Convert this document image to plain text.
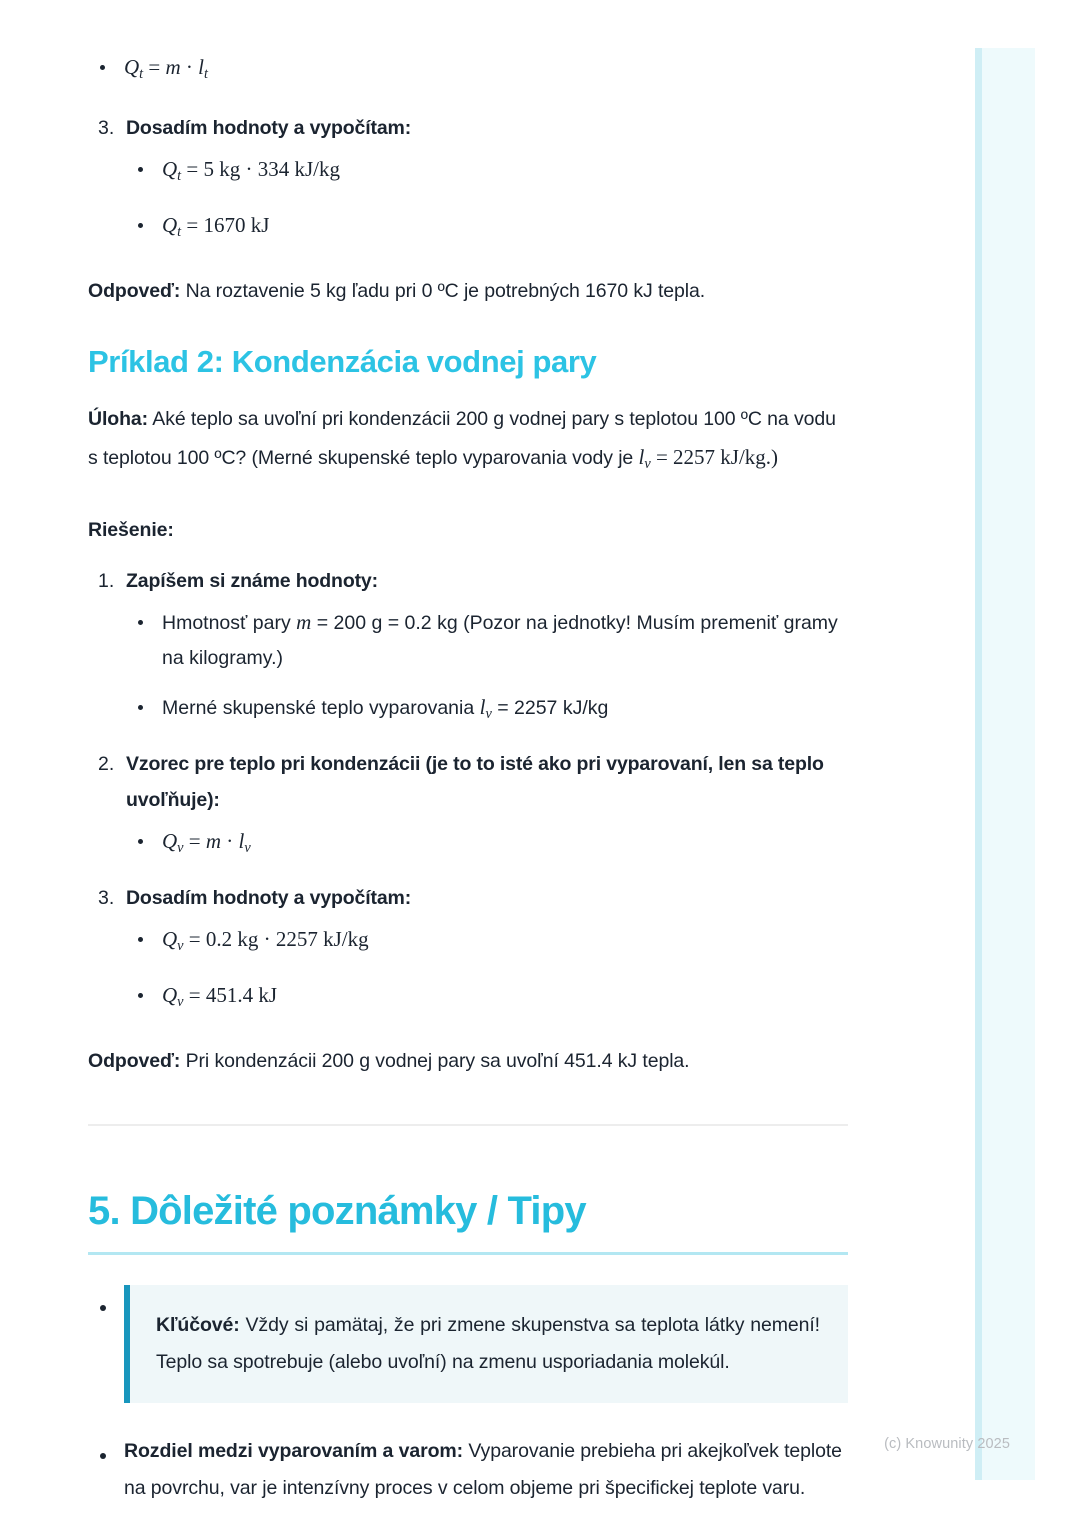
$Q_t = m \cdot l_t$
3. Dosadím hodnoty a vypočítam:

$Q_t = 5$ kg · 334 kJ/kg
$Q_t = 1670$ kJ

Odpoveď: Na roztavenie 5 kg ľadu pri 0 ºC je potrebných 1670 kJ tepla.

Príklad 2: Kondenzácia vodnej pary

Úloha: Aké teplo sa uvoľní pri kondenzácii 200 g vodnej pary s teplotou 100 ºC na vodu s teplotou 100 ºC? (Merné skupenské teplo vyparovania vody je $l_v = 2257$ kJ/kg.)

Riešenie:

1. Zapíšem si známe hodnoty:

Hmotnosť pary m = 200 g = 0.2 kg (Pozor na jednotky! Musím premeniť gramy na kilogramy.)
Merné skupenské teplo vyparovania $l_v = 2257$ kJ/kg
2. Vzorec pre teplo pri kondenzácii (je to to isté ako pri vyparovaní, len sa teplo uvoľňuje):

$Q_v = m \cdot l_v$
3. Dosadím hodnoty a vypočítam:

$Q_v = 0.2$ kg · 2257 kJ/kg
$Q_v = 451.4$ kJ

Odpoveď: Pri kondenzácii 200 g vodnej pary sa uvoľní 451.4 kJ tepla.

5. Dôležité poznámky / Tipy

Kľúčové: Vždy si pamätaj, že pri zmene skupenstva sa teplota látky nemení! Teplo sa spotrebuje (alebo uvoľní) na zmenu usporiadania molekúl.

Rozdiel medzi vyparovaním a varom: Vyparovanie prebieha pri akejkoľvek teplote na povrchu, var je intenzívny proces v celom objeme pri špecifickej teplote varu.
(c) Knowunity 2025
